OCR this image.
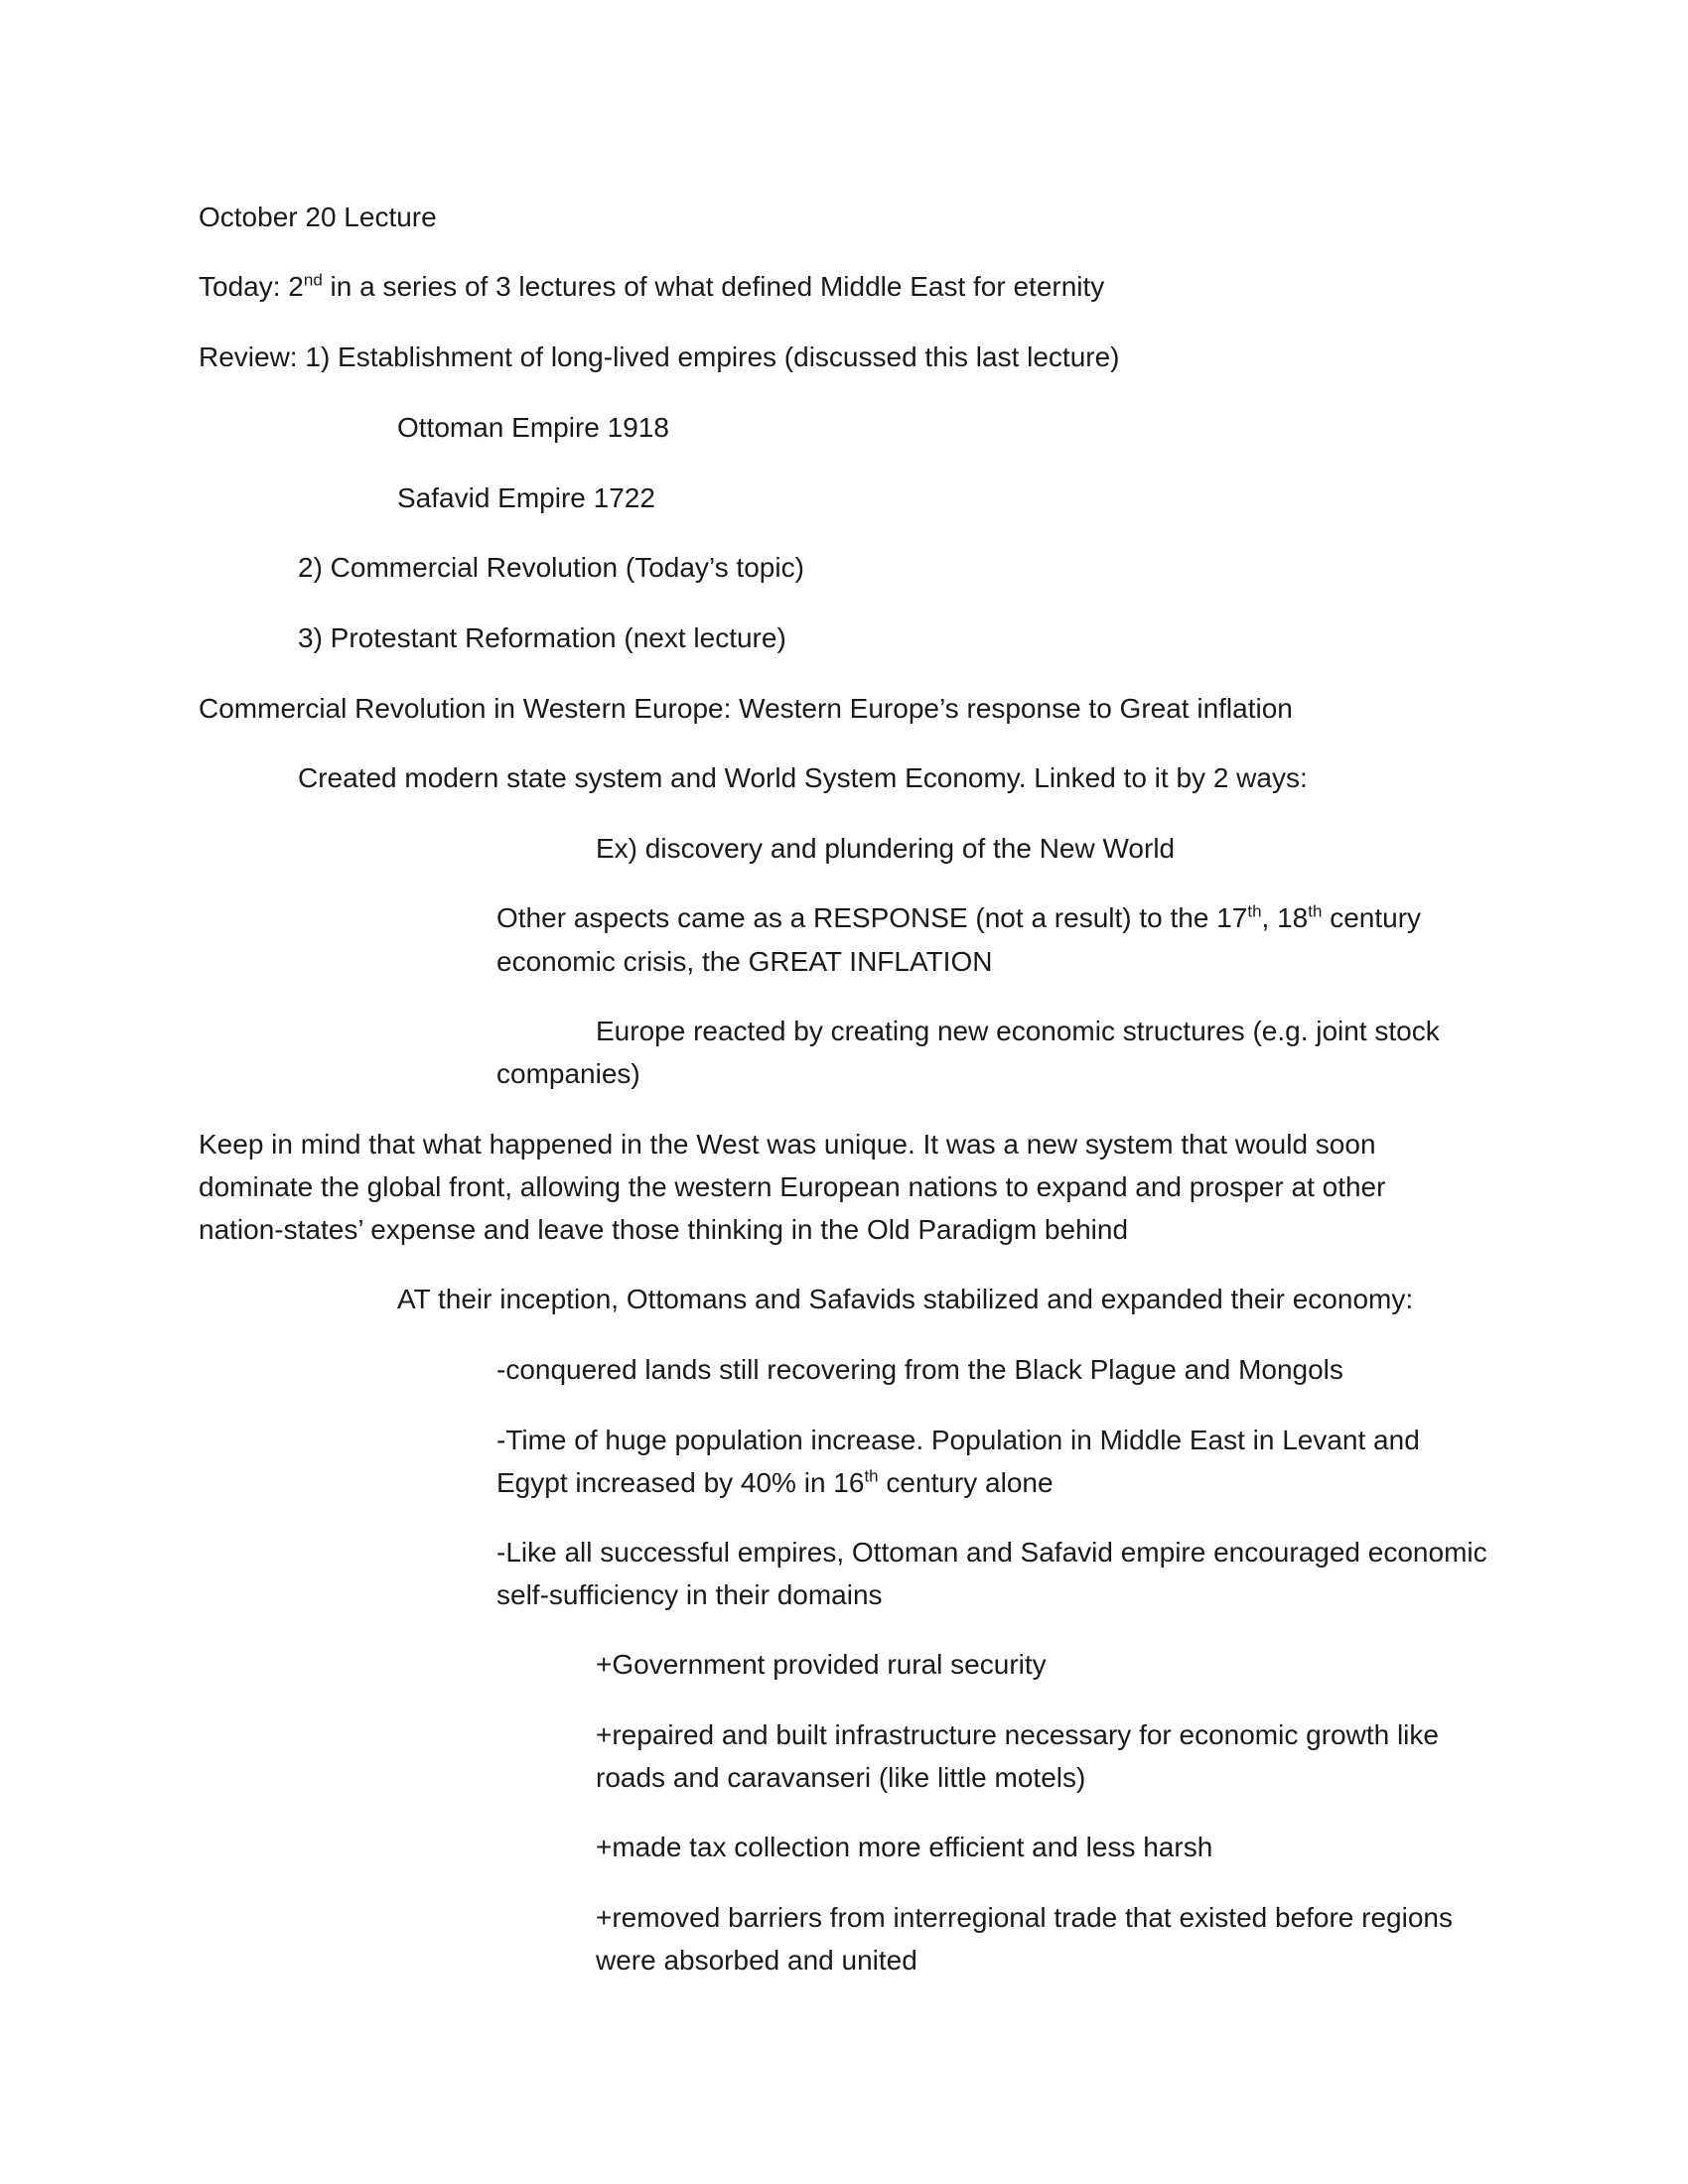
October 20 Lecture

Today: 2nd in a series of 3 lectures of what defined Middle East for eternity

Review: 1) Establishment of long-lived empires (discussed this last lecture)

Ottoman Empire 1918

Safavid Empire 1722

2) Commercial Revolution (Today’s topic)

3) Protestant Reformation (next lecture)

Commercial Revolution in Western Europe: Western Europe’s response to Great inflation

Created modern state system and World System Economy. Linked to it by 2 ways:

Ex) discovery and plundering of the New World

Other aspects came as a RESPONSE (not a result) to the 17th, 18th century

economic crisis, the GREAT INFLATION

Europe reacted by creating new economic structures (e.g. joint stock

companies)

Keep in mind that what happened in the West was unique. It was a new system that would soon

dominate the global front, allowing the western European nations to expand and prosper at other

nation-states’ expense and leave those thinking in the Old Paradigm behind

AT their inception, Ottomans and Safavids stabilized and expanded their economy:

-conquered lands still recovering from the Black Plague and Mongols

-Time of huge population increase. Population in Middle East in Levant and

Egypt increased by 40% in 16th century alone

-Like all successful empires, Ottoman and Safavid empire encouraged economic

self-sufficiency in their domains

+Government provided rural security

+repaired and built infrastructure necessary for economic growth like

roads and caravanseri (like little motels)

+made tax collection more efficient and less harsh

+removed barriers from interregional trade that existed before regions

were absorbed and united
